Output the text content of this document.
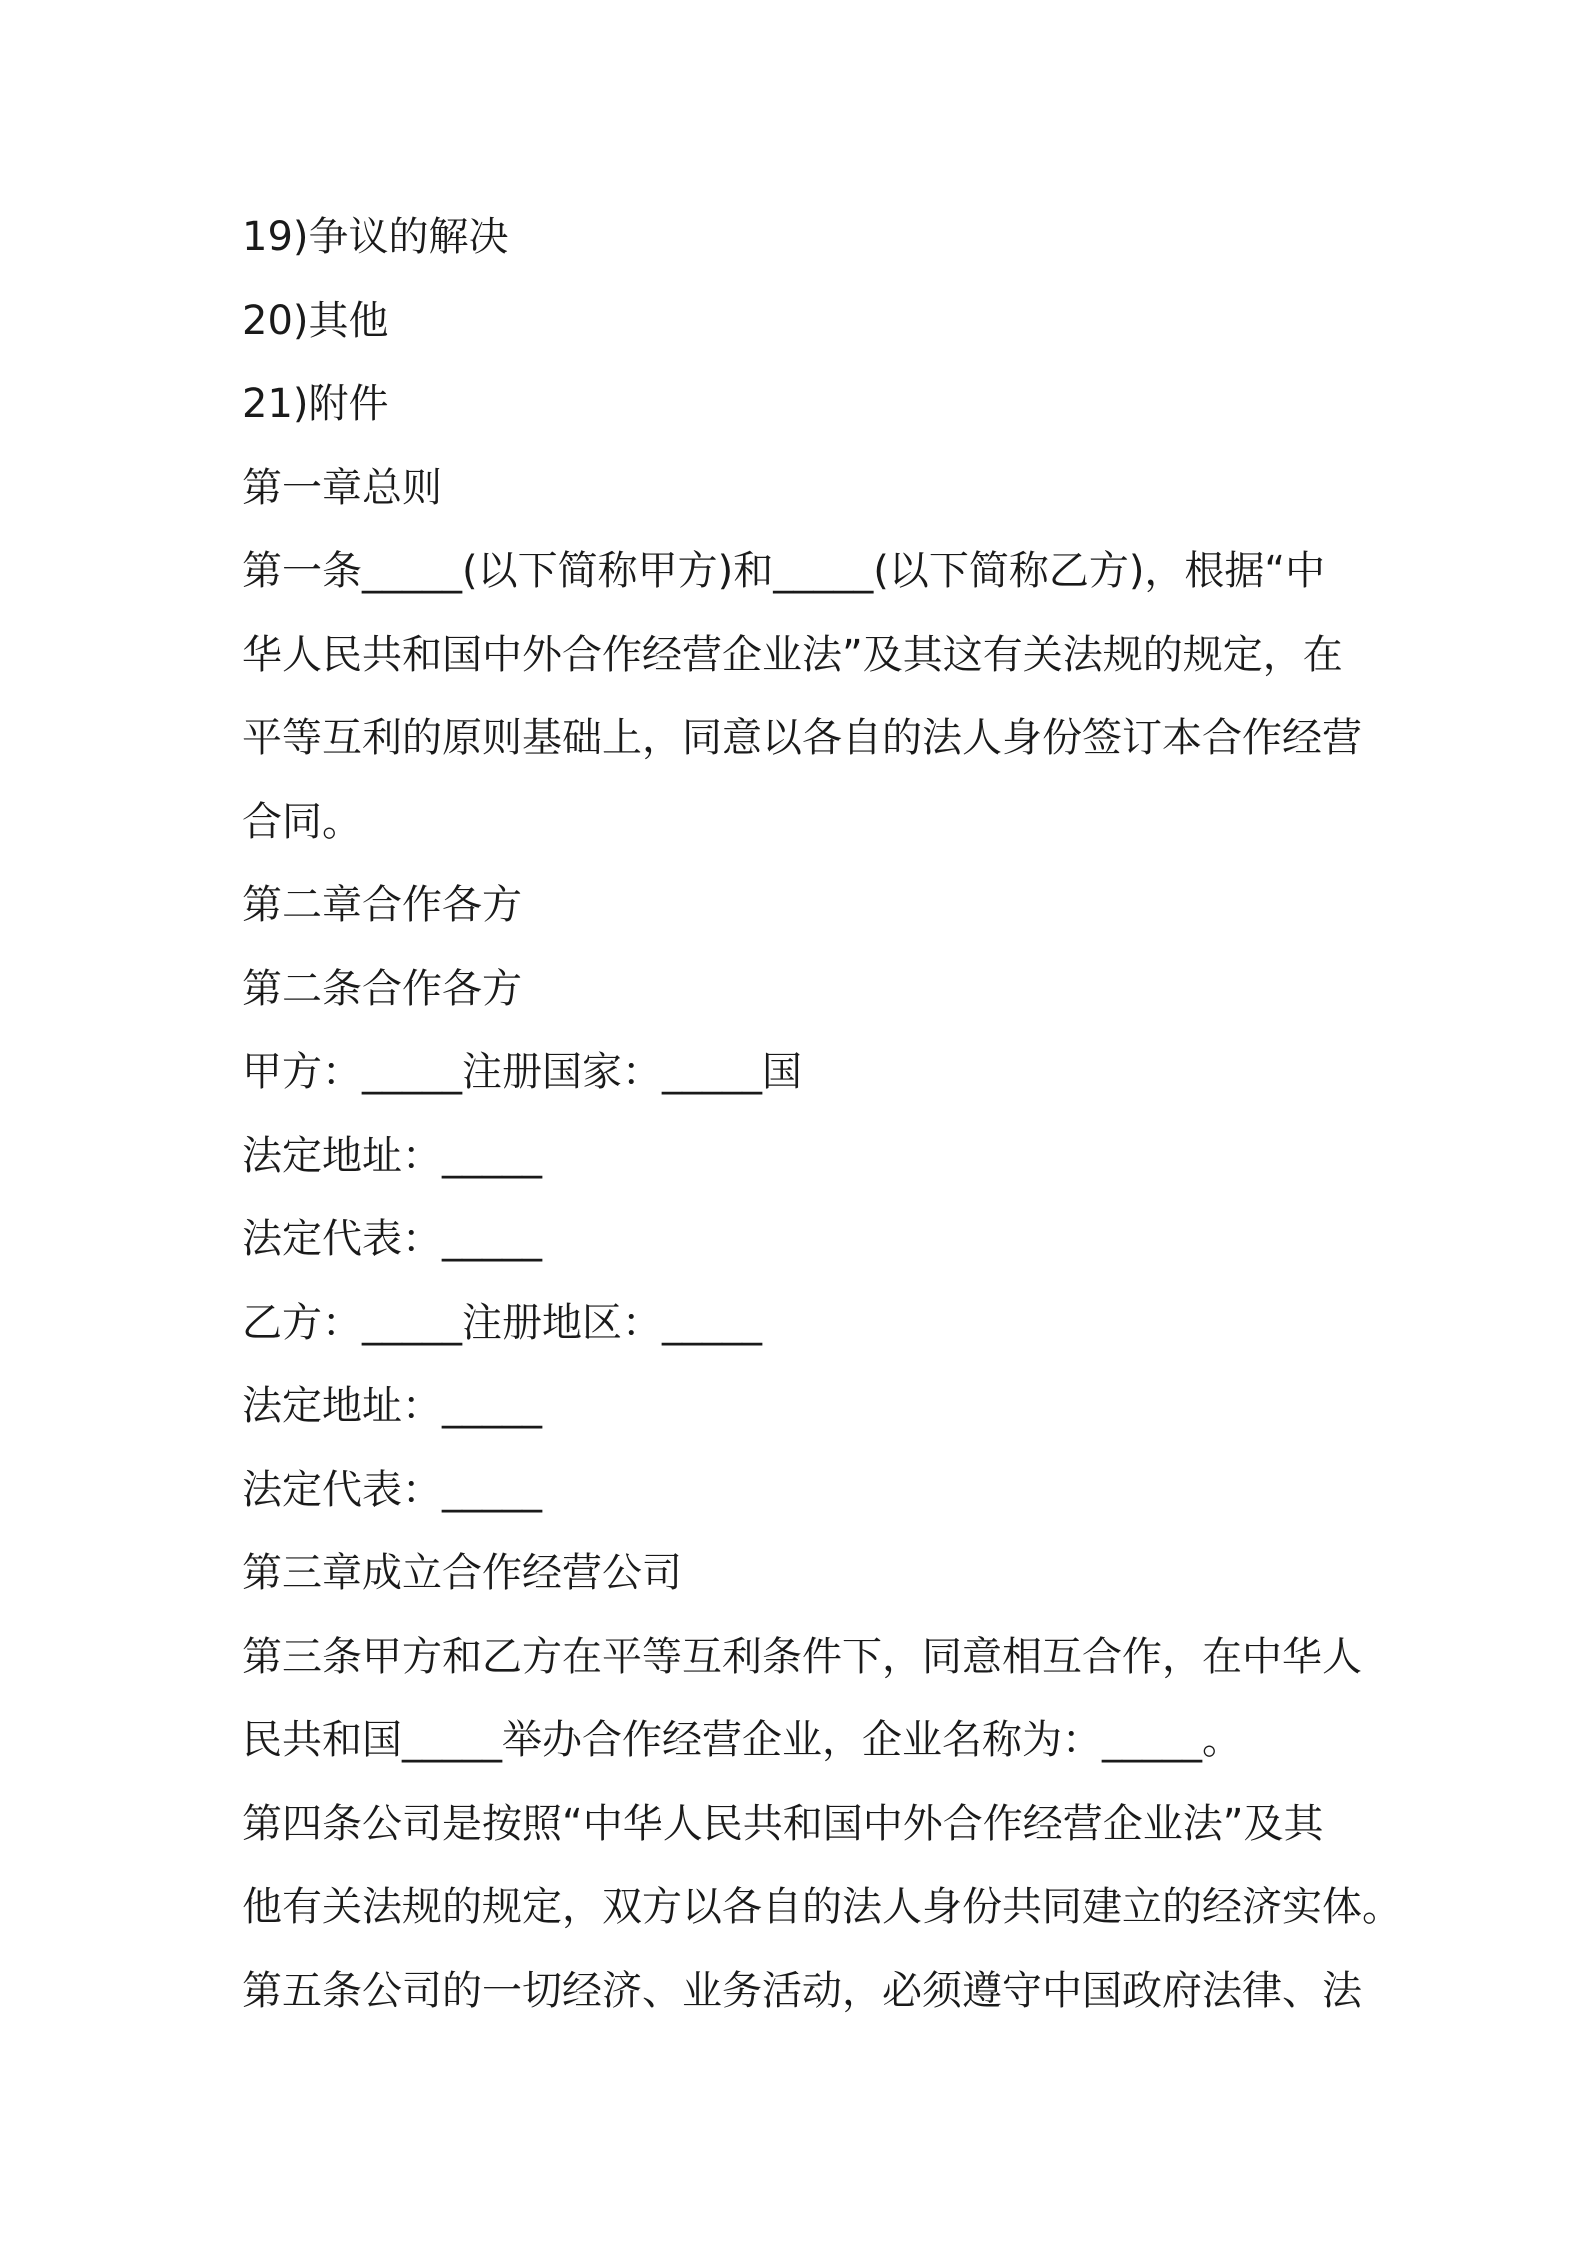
19)争议的解决
20)其他
21)附件
第一章总则
第一条_____(以下简称甲方)和_____(以下简称乙方)，根据“中
华人民共和国中外合作经营企业法”及其这有关法规的规定，在
平等互利的原则基础上，同意以各自的法人身份签订本合作经营
合同。
第二章合作各方
第二条合作各方
甲方：_____注册国家：_____国
法定地址：_____
法定代表：_____
乙方：_____注册地区：_____
法定地址：_____
法定代表：_____
第三章成立合作经营公司
第三条甲方和乙方在平等互利条件下，同意相互合作，在中华人
民共和国_____举办合作经营企业，企业名称为：_____。
第四条公司是按照“中华人民共和国中外合作经营企业法”及其
他有关法规的规定，双方以各自的法人身份共同建立的经济实体。
第五条公司的一切经济、业务活动，必须遵守中国政府法律、法
